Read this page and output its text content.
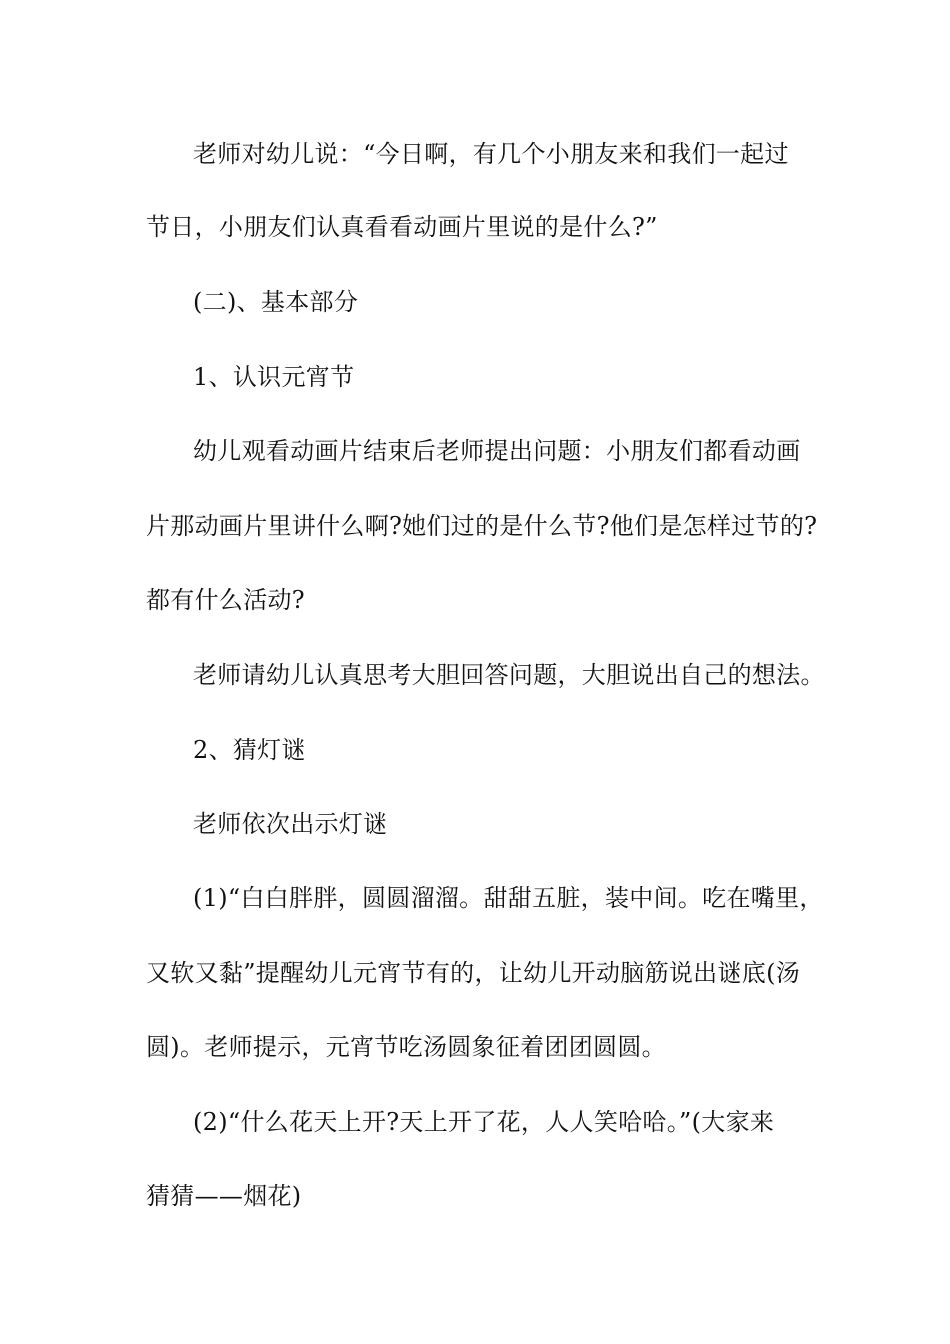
老师对幼儿说：“今日啊，有几个小朋友来和我们一起过
节日，小朋友们认真看看动画片里说的是什么?”
(二)、基本部分
1、认识元宵节
幼儿观看动画片结束后老师提出问题：小朋友们都看动画
片那动画片里讲什么啊?她们过的是什么节?他们是怎样过节的?
都有什么活动?
老师请幼儿认真思考大胆回答问题，大胆说出自己的想法。
2、猜灯谜
老师依次出示灯谜
(1)“白白胖胖，圆圆溜溜。甜甜五脏，装中间。吃在嘴里，
又软又黏”提醒幼儿元宵节有的，让幼儿开动脑筋说出谜底(汤
圆)。老师提示，元宵节吃汤圆象征着团团圆圆。
(2)“什么花天上开?天上开了花，人人笑哈哈。”(大家来
猜猜——烟花)
